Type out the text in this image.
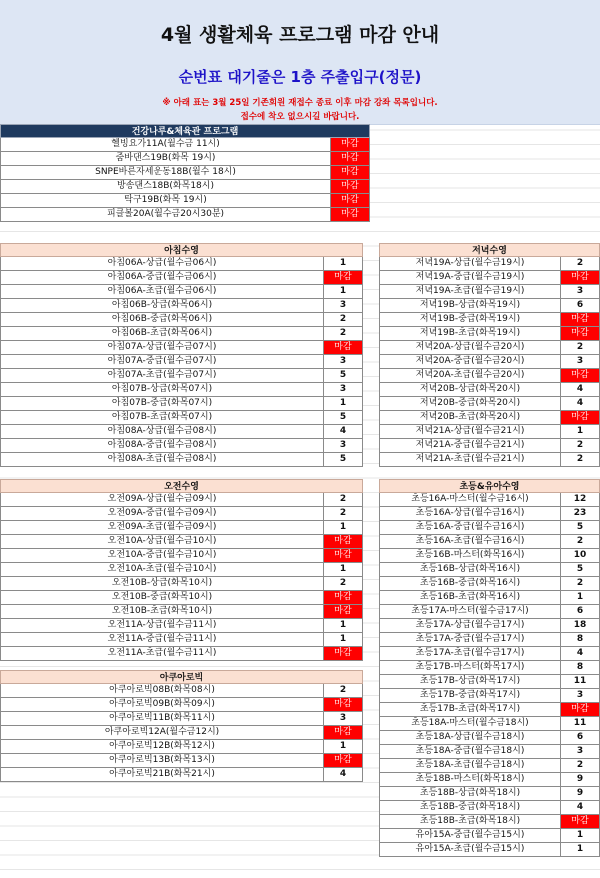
4월 생활체육 프로그램 마감 안내
순번표 대기줄은 1층 주출입구(정문)
※ 아래 표는 3월 25일 기존회원 재접수 종료 이후 마감 강좌 목록입니다.
접수에 착오 없으시길 바랍니다.
건강나루&체육관 프로그램
헬빙요가11A(월수금 11시)	마감
줌바댄스19B(화목 19시)	마감
SNPE바른자세운동18B(월수 18시)	마감
방송댄스18B(화목18시)	마감
탁구19B(화목 19시)	마감
피클볼20A(월수금20시30분)	마감
아침수영
아침06A-상급(월수금06시)	1
아침06A-중급(월수금06시)	마감
아침06A-초급(월수금06시)	1
아침06B-상급(화목06시)	3
아침06B-중급(화목06시)	2
아침06B-초급(화목06시)	2
아침07A-상급(월수금07시)	마감
아침07A-중급(월수금07시)	3
아침07A-초급(월수금07시)	5
아침07B-상급(화목07시)	3
아침07B-중급(화목07시)	1
아침07B-초급(화목07시)	5
아침08A-상급(월수금08시)	4
아침08A-중급(월수금08시)	3
아침08A-초급(월수금08시)	5
오전수영
오전09A-상급(월수금09시)	2
오전09A-중급(월수금09시)	2
오전09A-초급(월수금09시)	1
오전10A-상급(월수금10시)	마감
오전10A-중급(월수금10시)	마감
오전10A-초급(월수금10시)	1
오전10B-상급(화목10시)	2
오전10B-중급(화목10시)	마감
오전10B-초급(화목10시)	마감
오전11A-상급(월수금11시)	1
오전11A-중급(월수금11시)	1
오전11A-초급(월수금11시)	마감
아쿠아로빅
아쿠아로빅08B(화목08시)	2
아쿠아로빅09B(화목09시)	마감
아쿠아로빅11B(화목11시)	3
아쿠아로빅12A(월수금12시)	마감
아쿠아로빅12B(화목12시)	1
아쿠아로빅13B(화목13시)	마감
아쿠아로빅21B(화목21시)	4
저녁수영
저녁19A-상급(월수금19시)	2
저녁19A-중급(월수금19시)	마감
저녁19A-초급(월수금19시)	3
저녁19B-상급(화목19시)	6
저녁19B-중급(화목19시)	마감
저녁19B-초급(화목19시)	마감
저녁20A-상급(월수금20시)	2
저녁20A-중급(월수금20시)	3
저녁20A-초급(월수금20시)	마감
저녁20B-상급(화목20시)	4
저녁20B-중급(화목20시)	4
저녁20B-초급(화목20시)	마감
저녁21A-상급(월수금21시)	1
저녁21A-중급(월수금21시)	2
저녁21A-초급(월수금21시)	2
초등&유아수영
초등16A-마스터(월수금16시)	12
초등16A-상급(월수금16시)	23
초등16A-중급(월수금16시)	5
초등16A-초급(월수금16시)	2
초등16B-마스터(화목16시)	10
초등16B-상급(화목16시)	5
초등16B-중급(화목16시)	2
초등16B-초급(화목16시)	1
초등17A-마스터(월수금17시)	6
초등17A-상급(월수금17시)	18
초등17A-중급(월수금17시)	8
초등17A-초급(월수금17시)	4
초등17B-마스터(화목17시)	8
초등17B-상급(화목17시)	11
초등17B-중급(화목17시)	3
초등17B-초급(화목17시)	마감
초등18A-마스터(월수금18시)	11
초등18A-상급(월수금18시)	6
초등18A-중급(월수금18시)	3
초등18A-초급(월수금18시)	2
초등18B-마스터(화목18시)	9
초등18B-상급(화목18시)	9
초등18B-중급(화목18시)	4
초등18B-초급(화목18시)	마감
유아15A-중급(월수금15시)	1
유아15A-초급(월수금15시)	1
